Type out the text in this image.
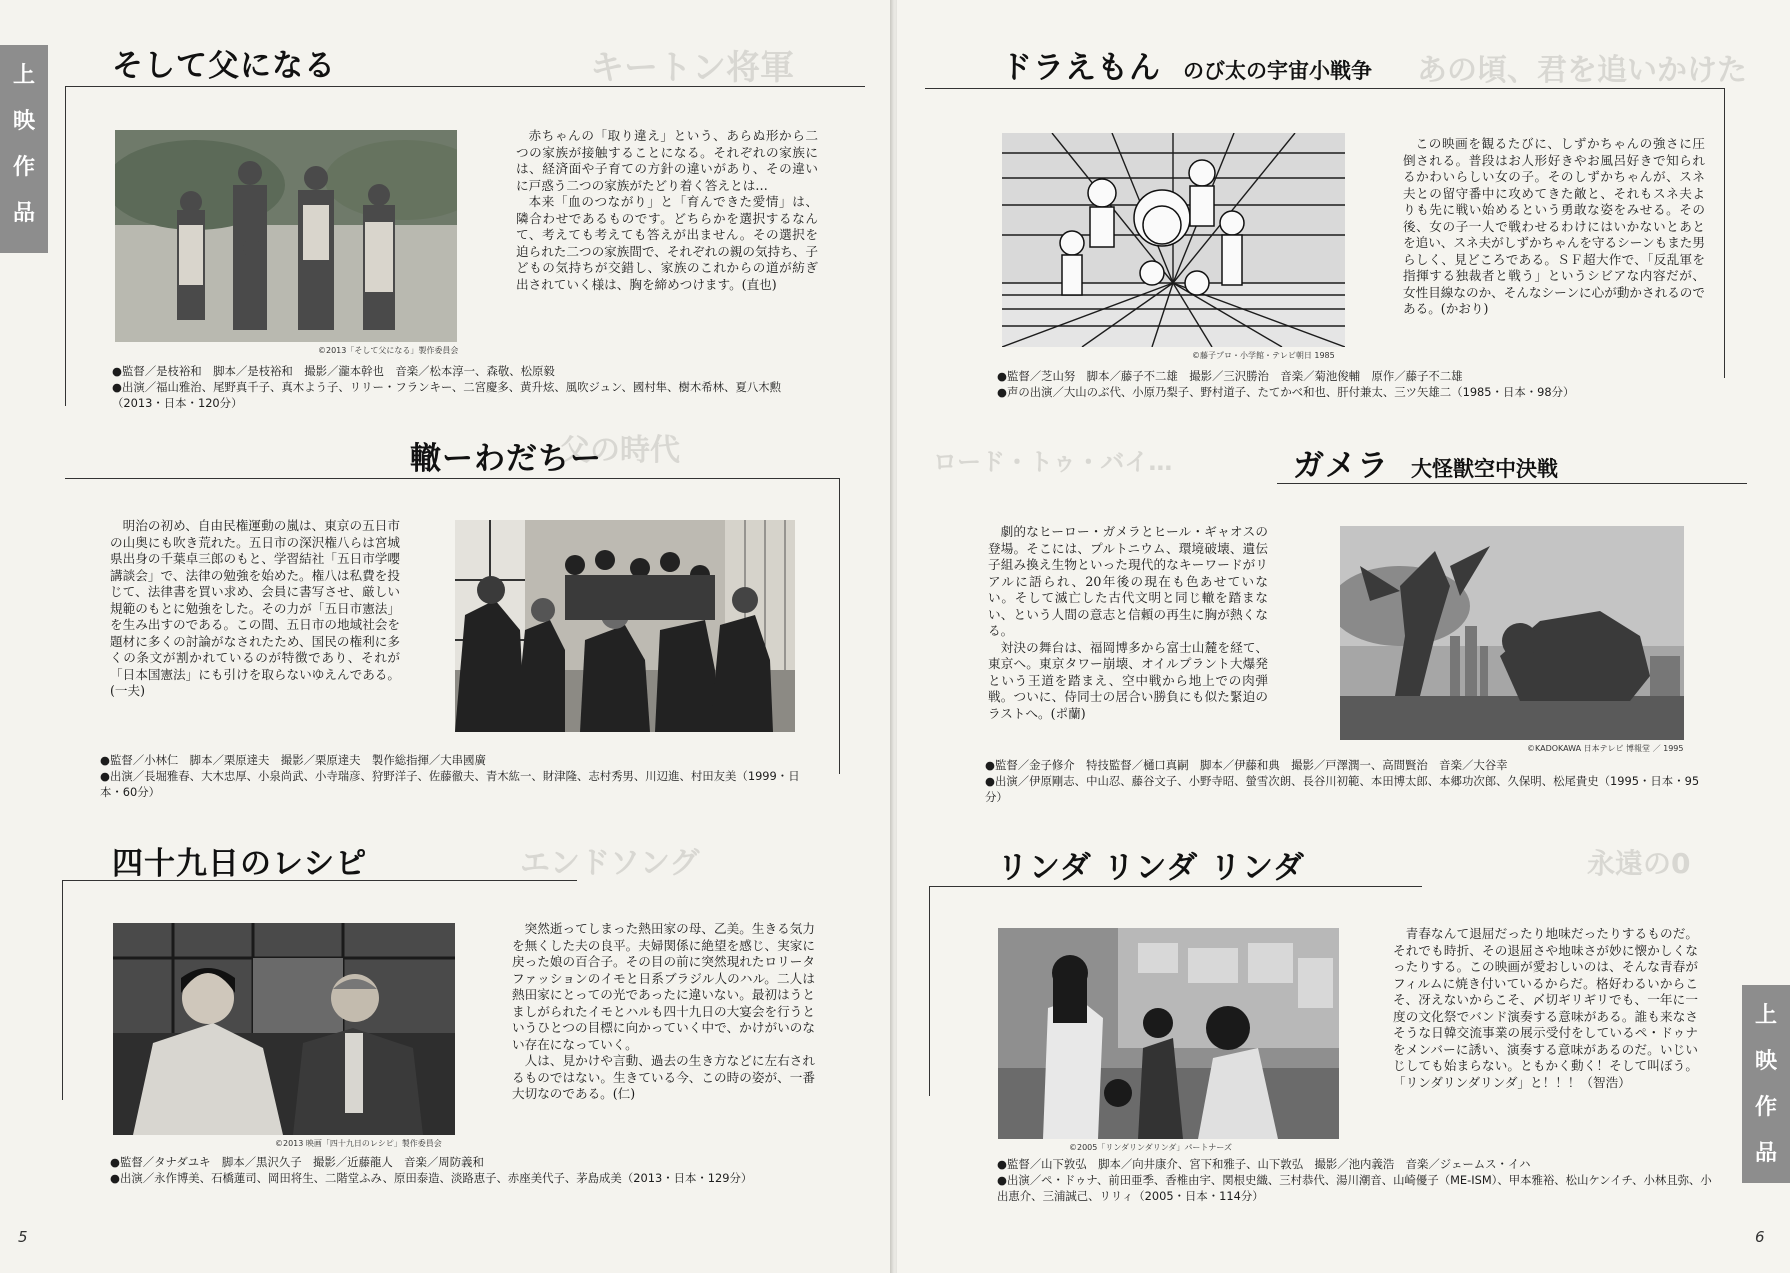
上
映
作
品
キートン将軍
父の時代
エンドソング
そして父になる
©2013「そして父になる」製作委員会

赤ちゃんの「取り違え」という、あらぬ形から二つの家族が接触することになる。それぞれの家族には、経済面や子育ての方針の違いがあり、その違いに戸惑う二つの家族がたどり着く答えとは…

本来「血のつながり」と「育んできた愛情」は、隣合わせであるものです。どちらかを選択するなんて、考えても考えても答えが出ません。その選択を迫られた二つの家族間で、それぞれの親の気持ち、子どもの気持ちが交錯し、家族のこれからの道が紡ぎ出されていく様は、胸を締めつけます。(直也)

●監督／是枝裕和　脚本／是枝裕和　撮影／瀧本幹也　音楽／松本淳一、森敬、松原毅
●出演／福山雅治、尾野真千子、真木よう子、リリー・フランキー、二宮慶多、黄升炫、風吹ジュン、國村隼、樹木希林、夏八木勲（2013・日本・120分）
轍ーわだちー

明治の初め、自由民権運動の嵐は、東京の五日市の山奥にも吹き荒れた。五日市の深沢権八らは宮城県出身の千葉卓三郎のもと、学習結社「五日市学嚶講談会」で、法律の勉強を始めた。権八は私費を投じて、法律書を買い求め、会員に書写させ、厳しい規範のもとに勉強をした。その力が「五日市憲法」を生み出すのである。この間、五日市の地域社会を題材に多くの討論がなされたため、国民の権利に多くの条文が割かれているのが特徴であり、それが「日本国憲法」にも引けを取らないゆえんである。(一夫)

●監督／小林仁　脚本／栗原達夫　撮影／栗原達夫　製作総指揮／大串國廣
●出演／長堀雅春、大木忠厚、小泉尚武、小寺瑞彦、狩野洋子、佐藤徹夫、青木紘一、財津隆、志村秀男、川辺進、村田友美（1999・日本・60分）
四十九日のレシピ
©2013 映画「四十九日のレシピ」製作委員会

突然逝ってしまった熱田家の母、乙美。生きる気力を無くした夫の良平。夫婦関係に絶望を感じ、実家に戻った娘の百合子。その目の前に突然現れたロリータファッションのイモと日系ブラジル人のハル。二人は熱田家にとっての光であったに違いない。最初はうとましがられたイモとハルも四十九日の大宴会を行うというひとつの目標に向かっていく中で、かけがいのない存在になっていく。

人は、見かけや言動、過去の生き方などに左右されるものではない。生きている今、この時の姿が、一番大切なのである。(仁)

●監督／タナダユキ　脚本／黒沢久子　撮影／近藤龍人　音楽／周防義和
●出演／永作博美、石橋蓮司、岡田将生、二階堂ふみ、原田泰造、淡路恵子、赤座美代子、茅島成美（2013・日本・129分）
5
上
映
作
品
あの頃、君を追いかけた
ロード・トゥ・バイ…
永遠の0
ドラえもん のび太の宇宙小戦争
©藤子プロ・小学館・テレビ朝日 1985

この映画を観るたびに、しずかちゃんの強さに圧倒される。普段はお人形好きやお風呂好きで知られるかわいらしい女の子。そのしずかちゃんが、スネ夫との留守番中に攻めてきた敵と、それもスネ夫よりも先に戦い始めるという勇敢な姿をみせる。その後、女の子一人で戦わせるわけにはいかないとあとを追い、スネ夫がしずかちゃんを守るシーンもまた男らしく、見どころである。ＳＦ超大作で、「反乱軍を指揮する独裁者と戦う」というシビアな内容だが、女性目線なのか、そんなシーンに心が動かされるのである。(かおり)

●監督／芝山努　脚本／藤子不二雄　撮影／三沢勝治　音楽／菊池俊輔　原作／藤子不二雄
●声の出演／大山のぶ代、小原乃梨子、野村道子、たてかべ和也、肝付兼太、三ツ矢雄二（1985・日本・98分）
ガメラ 大怪獣空中決戦

劇的なヒーロー・ガメラとヒール・ギャオスの登場。そこには、プルトニウム、環境破壊、遺伝子組み換え生物といった現代的なキーワードがリアルに語られ、20年後の現在も色あせていない。そして滅亡した古代文明と同じ轍を踏まない、という人間の意志と信頼の再生に胸が熱くなる。

対決の舞台は、福岡博多から富士山麓を経て、東京へ。東京タワー崩壊、オイルプラント大爆発という王道を踏まえ、空中戦から地上での肉弾戦。ついに、侍同士の居合い勝負にも似た緊迫のラストへ。(ポ蘭)

©KADOKAWA 日本テレビ 博報堂 ／ 1995
●監督／金子修介　特技監督／樋口真嗣　脚本／伊藤和典　撮影／戸澤潤一、高間賢治　音楽／大谷幸
●出演／伊原剛志、中山忍、藤谷文子、小野寺昭、螢雪次朗、長谷川初範、本田博太郎、本郷功次郎、久保明、松尾貴史（1995・日本・95分）
リンダ リンダ リンダ
©2005「リンダリンダリンダ」パートナーズ

青春なんて退屈だったり地味だったりするものだ。それでも時折、その退屈さや地味さが妙に懐かしくなったりする。この映画が愛おしいのは、そんな青春がフィルムに焼き付いているからだ。格好わるいからこそ、冴えないからこそ、〆切ギリギリでも、一年に一度の文化祭でバンド演奏する意味がある。誰も来なさそうな日韓交流事業の展示受付をしているペ・ドゥナをメンバーに誘い、演奏する意味があるのだ。いじいじしても始まらない。ともかく動く！そして叫ぼう。「リンダリンダリンダ」と！！！（智浩）

●監督／山下敦弘　脚本／向井康介、宮下和雅子、山下敦弘　撮影／池内義浩　音楽／ジェームス・イハ
●出演／ペ・ドゥナ、前田亜季、香椎由宇、関根史織、三村恭代、湯川潮音、山崎優子（ME-ISM）、甲本雅裕、松山ケンイチ、小林且弥、小出恵介、三浦誠己、リリィ（2005・日本・114分）
6
